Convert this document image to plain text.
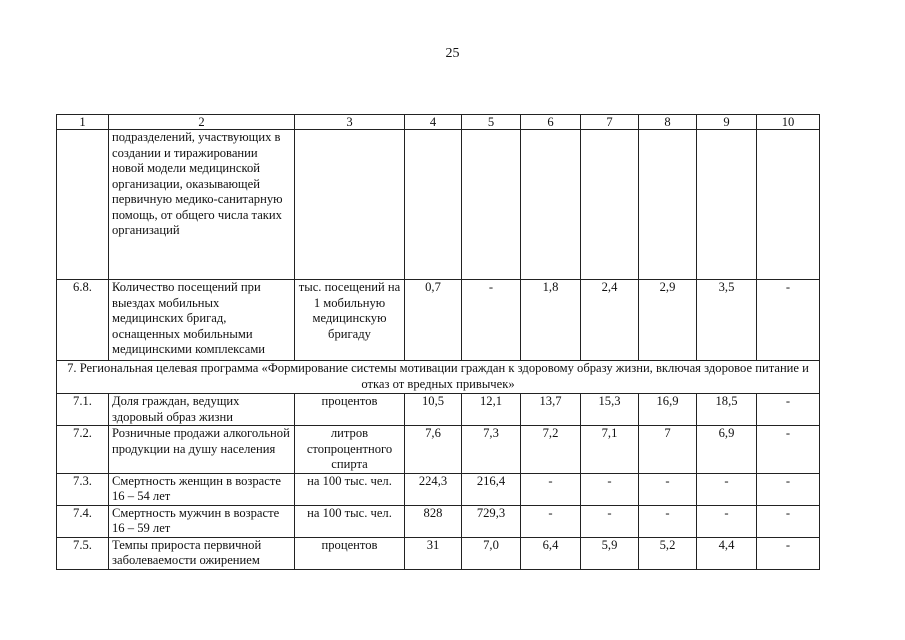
25
1	2	3	4	5	6	7	8	9	10
	подразделений, участвующих в создании и тиражировании новой модели медицинской организации, оказывающей первичную медико-санитарную помощь, от общего числа таких организаций								
6.8.	Количество посещений при выездах мобильных медицинских бригад, оснащенных мобильными медицинскими комплексами	тыс. посещений на 1 мобильную медицинскую бригаду	0,7	-	1,8	2,4	2,9	3,5	-
7. Региональная целевая программа «Формирование системы мотивации граждан к здоровому образу жизни, включая здоровое питание и отказ от вредных привычек»									
7.1.	Доля граждан, ведущих здоровый образ жизни	процентов	10,5	12,1	13,7	15,3	16,9	18,5	-
7.2.	Розничные продажи алкогольной продукции на душу населения	литров стопроцентного спирта	7,6	7,3	7,2	7,1	7	6,9	-
7.3.	Смертность женщин в возрасте 16 – 54 лет	на 100 тыс. чел.	224,3	216,4	-	-	-	-	-
7.4.	Смертность мужчин в возрасте 16 – 59 лет	на 100 тыс. чел.	828	729,3	-	-	-	-	-
7.5.	Темпы прироста первичной заболеваемости ожирением	процентов	31	7,0	6,4	5,9	5,2	4,4	-
